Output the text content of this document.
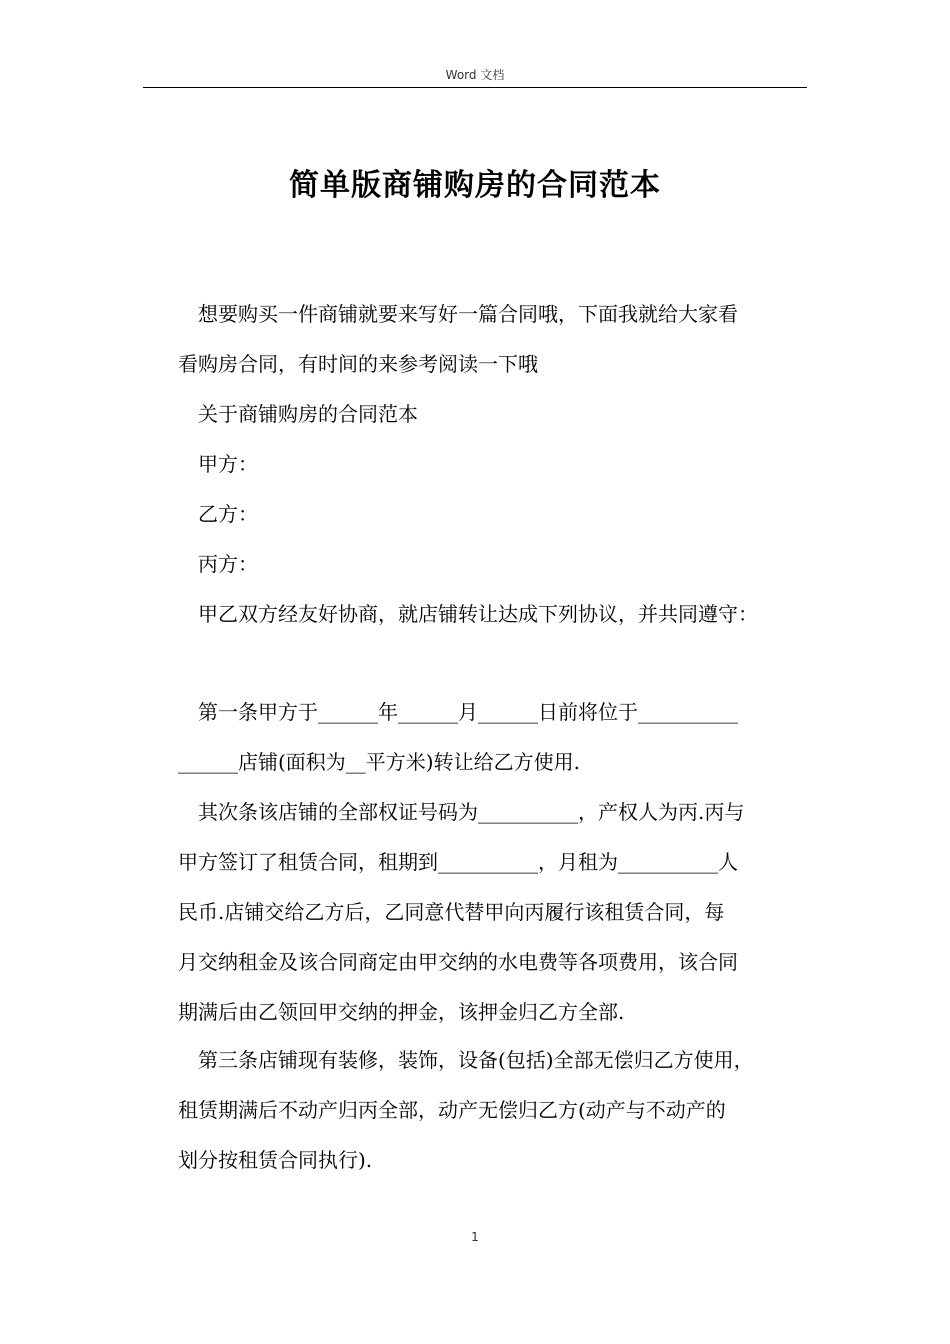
Word 文档
简单版商铺购房的合同范本
想要购买一件商铺就要来写好一篇合同哦，下面我就给大家看
看购房合同，有时间的来参考阅读一下哦
关于商铺购房的合同范本
甲方：
乙方：
丙方：
甲乙双方经友好协商，就店铺转让达成下列协议，并共同遵守：
第一条甲方于______年______月______日前将位于__________
______店铺(面积为__平方米)转让给乙方使用.
其次条该店铺的全部权证号码为__________，产权人为丙.丙与
甲方签订了租赁合同，租期到__________，月租为__________人
民币.店铺交给乙方后，乙同意代替甲向丙履行该租赁合同，每
月交纳租金及该合同商定由甲交纳的水电费等各项费用，该合同
期满后由乙领回甲交纳的押金，该押金归乙方全部.
第三条店铺现有装修，装饰，设备(包括)全部无偿归乙方使用，
租赁期满后不动产归丙全部，动产无偿归乙方(动产与不动产的
划分按租赁合同执行).
1
